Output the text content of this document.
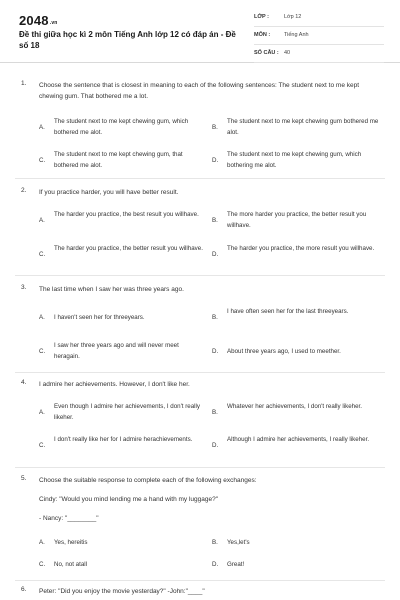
2048.vn
Đề thi giữa học kì 2 môn Tiếng Anh lớp 12 có đáp án - Đề số 18
LỚP :	Lớp 12
MÔN :	Tiếng Anh
SỐ CÂU : 40
1. Choose the sentence that is closest in meaning to each of the following sentences: The student next to me kept chewing gum. That bothered me a lot.
A.
The student next to me kept chewing gum, which bothered me alot.
B.
The student next to me kept chewing gum bothered me alot.
C.
The student next to me kept chewing gum, that bothered me alot.
D.
The student next to me kept chewing gum, which bothering me alot.
2. If you practice harder, you will have better result.
A.
The harder you practice, the best result you willhave.
B.
The more harder you practice, the better result you willhave.
C.
The harder you practice, the better result you willhave.
D.
The harder you practice, the more result you willhave.
3. The last time when I saw her was three years ago.
A. I haven't seen her for threeyears.	B.
I have often seen her for the last threeyears.
C.
I saw her three years ago and will never meet heragain.
D. About three years ago, I used to meether.
4. I admire her achievements. However, I don't like her.
A.
Even though I admire her achievements, I don't really likeher.
B.
Whatever her achievements, I don't really likeher.
C.
I don't really like her for I admire herachievements.
D.
Although I admire her achievements, I really likeher.
5. Choose the suitable response to complete each of the following exchanges:
Cindy: "Would you mind lending me a hand with my luggage?"
- Nancy: "________"
A. Yes, hereitis	B. Yes,let's
C. No, not atall	D. Great!
6. Peter: "Did you enjoy the movie yesterday?" -John:"____"
